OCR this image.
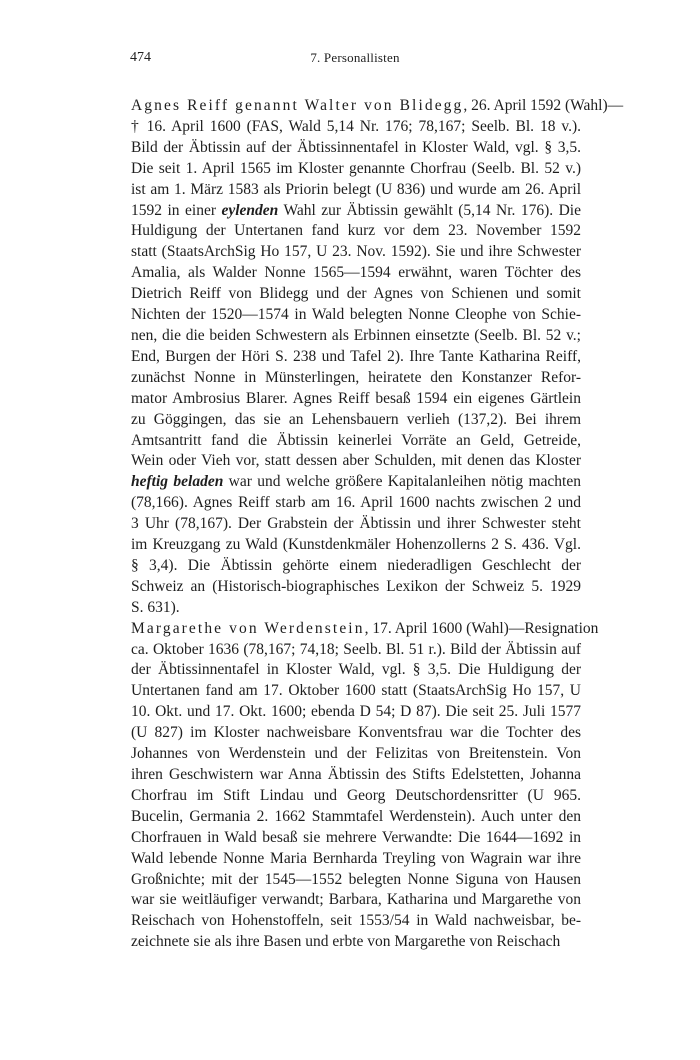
474	7. Personallisten

Agnes Reiff genannt Walter von Blidegg, 26. April 1592 (Wahl)—
† 16. April 1600 (FAS, Wald 5,14 Nr. 176; 78,167; Seelb. Bl. 18 v.).
Bild der Äbtissin auf der Äbtissinnentafel in Kloster Wald, vgl. § 3,5.
Die seit 1. April 1565 im Kloster genannte Chorfrau (Seelb. Bl. 52 v.)
ist am 1. März 1583 als Priorin belegt (U 836) und wurde am 26. April
1592 in einer eylenden Wahl zur Äbtissin gewählt (5,14 Nr. 176). Die
Huldigung der Untertanen fand kurz vor dem 23. November 1592
statt (StaatsArchSig Ho 157, U 23. Nov. 1592). Sie und ihre Schwester
Amalia, als Walder Nonne 1565—1594 erwähnt, waren Töchter des
Dietrich Reiff von Blidegg und der Agnes von Schienen und somit
Nichten der 1520—1574 in Wald belegten Nonne Cleophe von Schie-
nen, die die beiden Schwestern als Erbinnen einsetzte (Seelb. Bl. 52 v.;
End, Burgen der Höri S. 238 und Tafel 2). Ihre Tante Katharina Reiff,
zunächst Nonne in Münsterlingen, heiratete den Konstanzer Refor-
mator Ambrosius Blarer. Agnes Reiff besaß 1594 ein eigenes Gärtlein
zu Göggingen, das sie an Lehensbauern verlieh (137,2). Bei ihrem
Amtsantritt fand die Äbtissin keinerlei Vorräte an Geld, Getreide,
Wein oder Vieh vor, statt dessen aber Schulden, mit denen das Kloster
heftig beladen war und welche größere Kapitalanleihen nötig machten
(78,166). Agnes Reiff starb am 16. April 1600 nachts zwischen 2 und
3 Uhr (78,167). Der Grabstein der Äbtissin und ihrer Schwester steht
im Kreuzgang zu Wald (Kunstdenkmäler Hohenzollerns 2 S. 436. Vgl.
§ 3,4). Die Äbtissin gehörte einem niederadligen Geschlecht der
Schweiz an (Historisch-biographisches Lexikon der Schweiz 5. 1929
S. 631).

Margarethe von Werdenstein, 17. April 1600 (Wahl)—Resignation
ca. Oktober 1636 (78,167; 74,18; Seelb. Bl. 51 r.). Bild der Äbtissin auf
der Äbtissinnentafel in Kloster Wald, vgl. § 3,5. Die Huldigung der
Untertanen fand am 17. Oktober 1600 statt (StaatsArchSig Ho 157, U
10. Okt. und 17. Okt. 1600; ebenda D 54; D 87). Die seit 25. Juli 1577
(U 827) im Kloster nachweisbare Konventsfrau war die Tochter des
Johannes von Werdenstein und der Felizitas von Breitenstein. Von
ihren Geschwistern war Anna Äbtissin des Stifts Edelstetten, Johanna
Chorfrau im Stift Lindau und Georg Deutschordensritter (U 965.
Bucelin, Germania 2. 1662 Stammtafel Werdenstein). Auch unter den
Chorfrauen in Wald besaß sie mehrere Verwandte: Die 1644—1692 in
Wald lebende Nonne Maria Bernharda Treyling von Wagrain war ihre
Großnichte; mit der 1545—1552 belegten Nonne Siguna von Hausen
war sie weitläufiger verwandt; Barbara, Katharina und Margarethe von
Reischach von Hohenstoffeln, seit 1553/54 in Wald nachweisbar, be-
zeichnete sie als ihre Basen und erbte von Margarethe von Reischach
